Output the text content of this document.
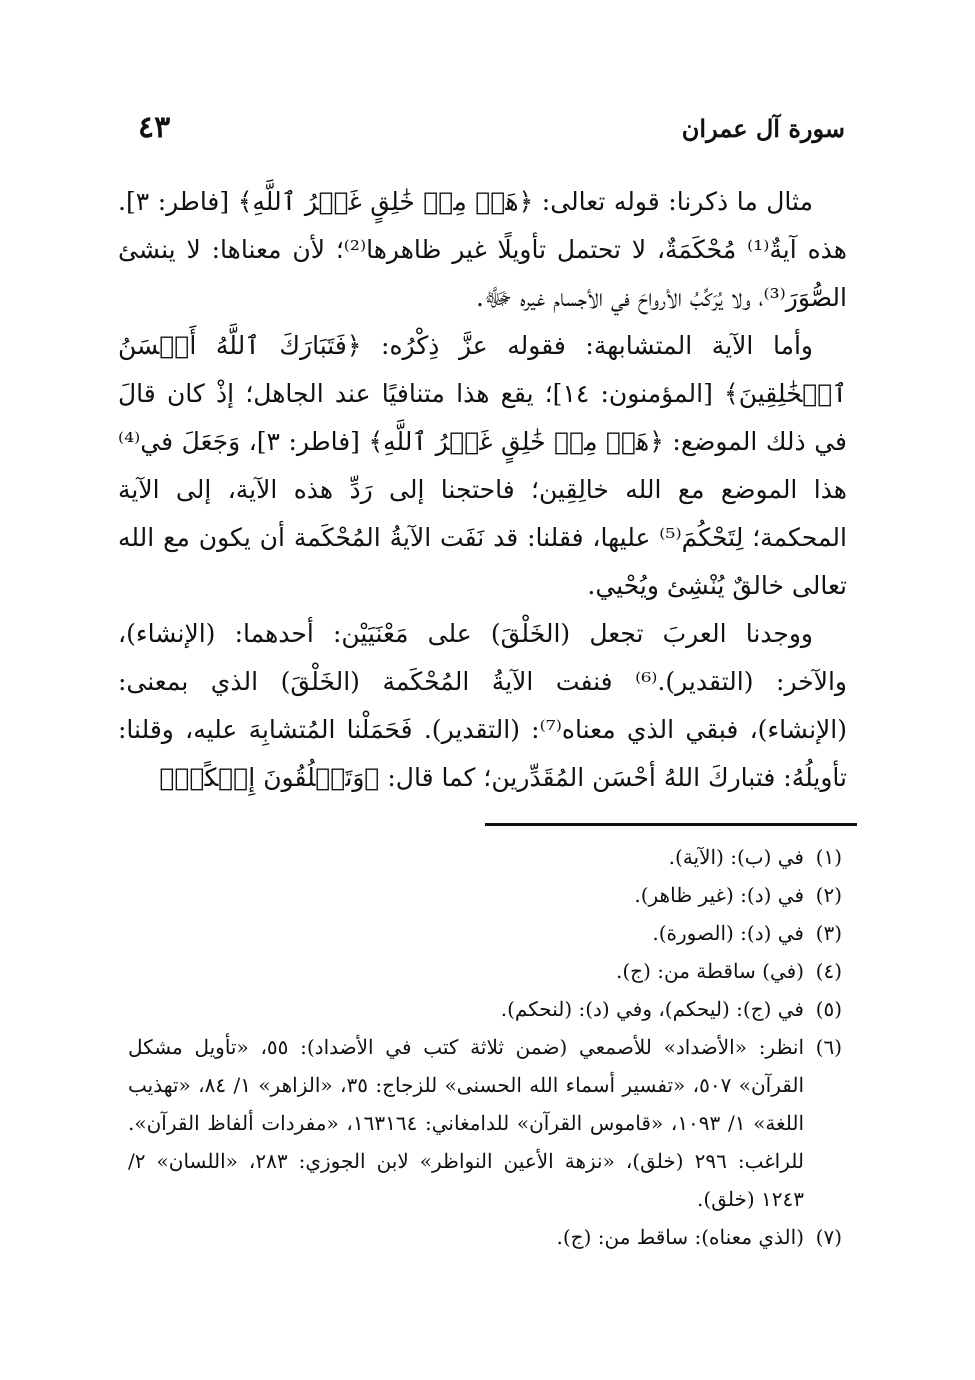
سورة آل عمران
٤٣

مثال ما ذكرنا: قوله تعالى: ﴿هَلۡ مِنۡ خَٰلِقٍ غَيۡرُ ٱللَّهِ﴾ [فاطر: ٣]. هذه آيةٌ⁽¹⁾ مُحْكَمَةٌ، لا تحتمل تأويلًا غير ظاهرها⁽²⁾؛ لأن معناها: لا ينشئ الصُّوَرَ⁽³⁾، ولا يُرَكِّبُ الأرواحَ في الأجسام غيره ﷻ.

وأما الآية المتشابهة: فقوله عزَّ ذِكْرُه: ﴿فَتَبَارَكَ ٱللَّهُ أَحۡسَنُ ٱلۡخَٰلِقِينَ﴾ [المؤمنون: ١٤]؛ يقع هذا متنافيًا عند الجاهل؛ إذْ كان قالَ في ذلك الموضع: ﴿هَلۡ مِنۡ خَٰلِقٍ غَيۡرُ ٱللَّهِ﴾ [فاطر: ٣]، وَجَعَلَ في⁽⁴⁾ هذا الموضع مع الله خالِقِين؛ فاحتجنا إلى رَدِّ هذه الآية، إلى الآية المحكمة؛ لِتَحْكُمَ⁽⁵⁾ عليها، فقلنا: قد نَفَت الآيةُ المُحْكَمة أن يكون مع الله تعالى خالقٌ يُنْشِئ ويُحْيي.

ووجدنا العربَ تجعل (الخَلْقَ) على مَعْنَيَيْن: أحدهما: (الإنشاء)، والآخر: (التقدير).⁽⁶⁾ فنفت الآيةُ المُحْكَمة (الخَلْقَ) الذي بمعنى: (الإنشاء)، فبقي الذي معناه⁽⁷⁾: (التقدير). فَحَمَلْنا المُتشابِهَ عليه، وقلنا: تأويلُهُ: فتباركَ اللهُ أحْسَن المُقَدِّرين؛ كما قال: ﴿وَتَخۡلُقُونَ إِفۡكًاۚ﴾

(١)
في (ب): (الآية).
(٢)
في (د): (غير ظاهر).
(٣)
في (د): (الصورة).
(٤)
(في) ساقطة من: (ج).
(٥)
في (ج): (ليحكم)، وفي (د): (لنحكم).
(٦)
انظر: «الأضداد» للأصمعي (ضمن ثلاثة كتب في الأضداد): ٥٥، «تأويل مشكل القرآن» ٥٠٧، «تفسير أسماء الله الحسنى» للزجاج: ٣٥، «الزاهر» ١/ ٨٤، «تهذيب اللغة» ١/ ١٠٩٣، «قاموس القرآن» للدامغاني: ١٦٣١٦٤، «مفردات ألفاظ القرآن». للراغب: ٢٩٦ (خلق)، «نزهة الأعين النواظر» لابن الجوزي: ٢٨٣، «اللسان» ٢/ ١٢٤٣ (خلق).
(٧)
(الذي معناه): ساقط من: (ج).
